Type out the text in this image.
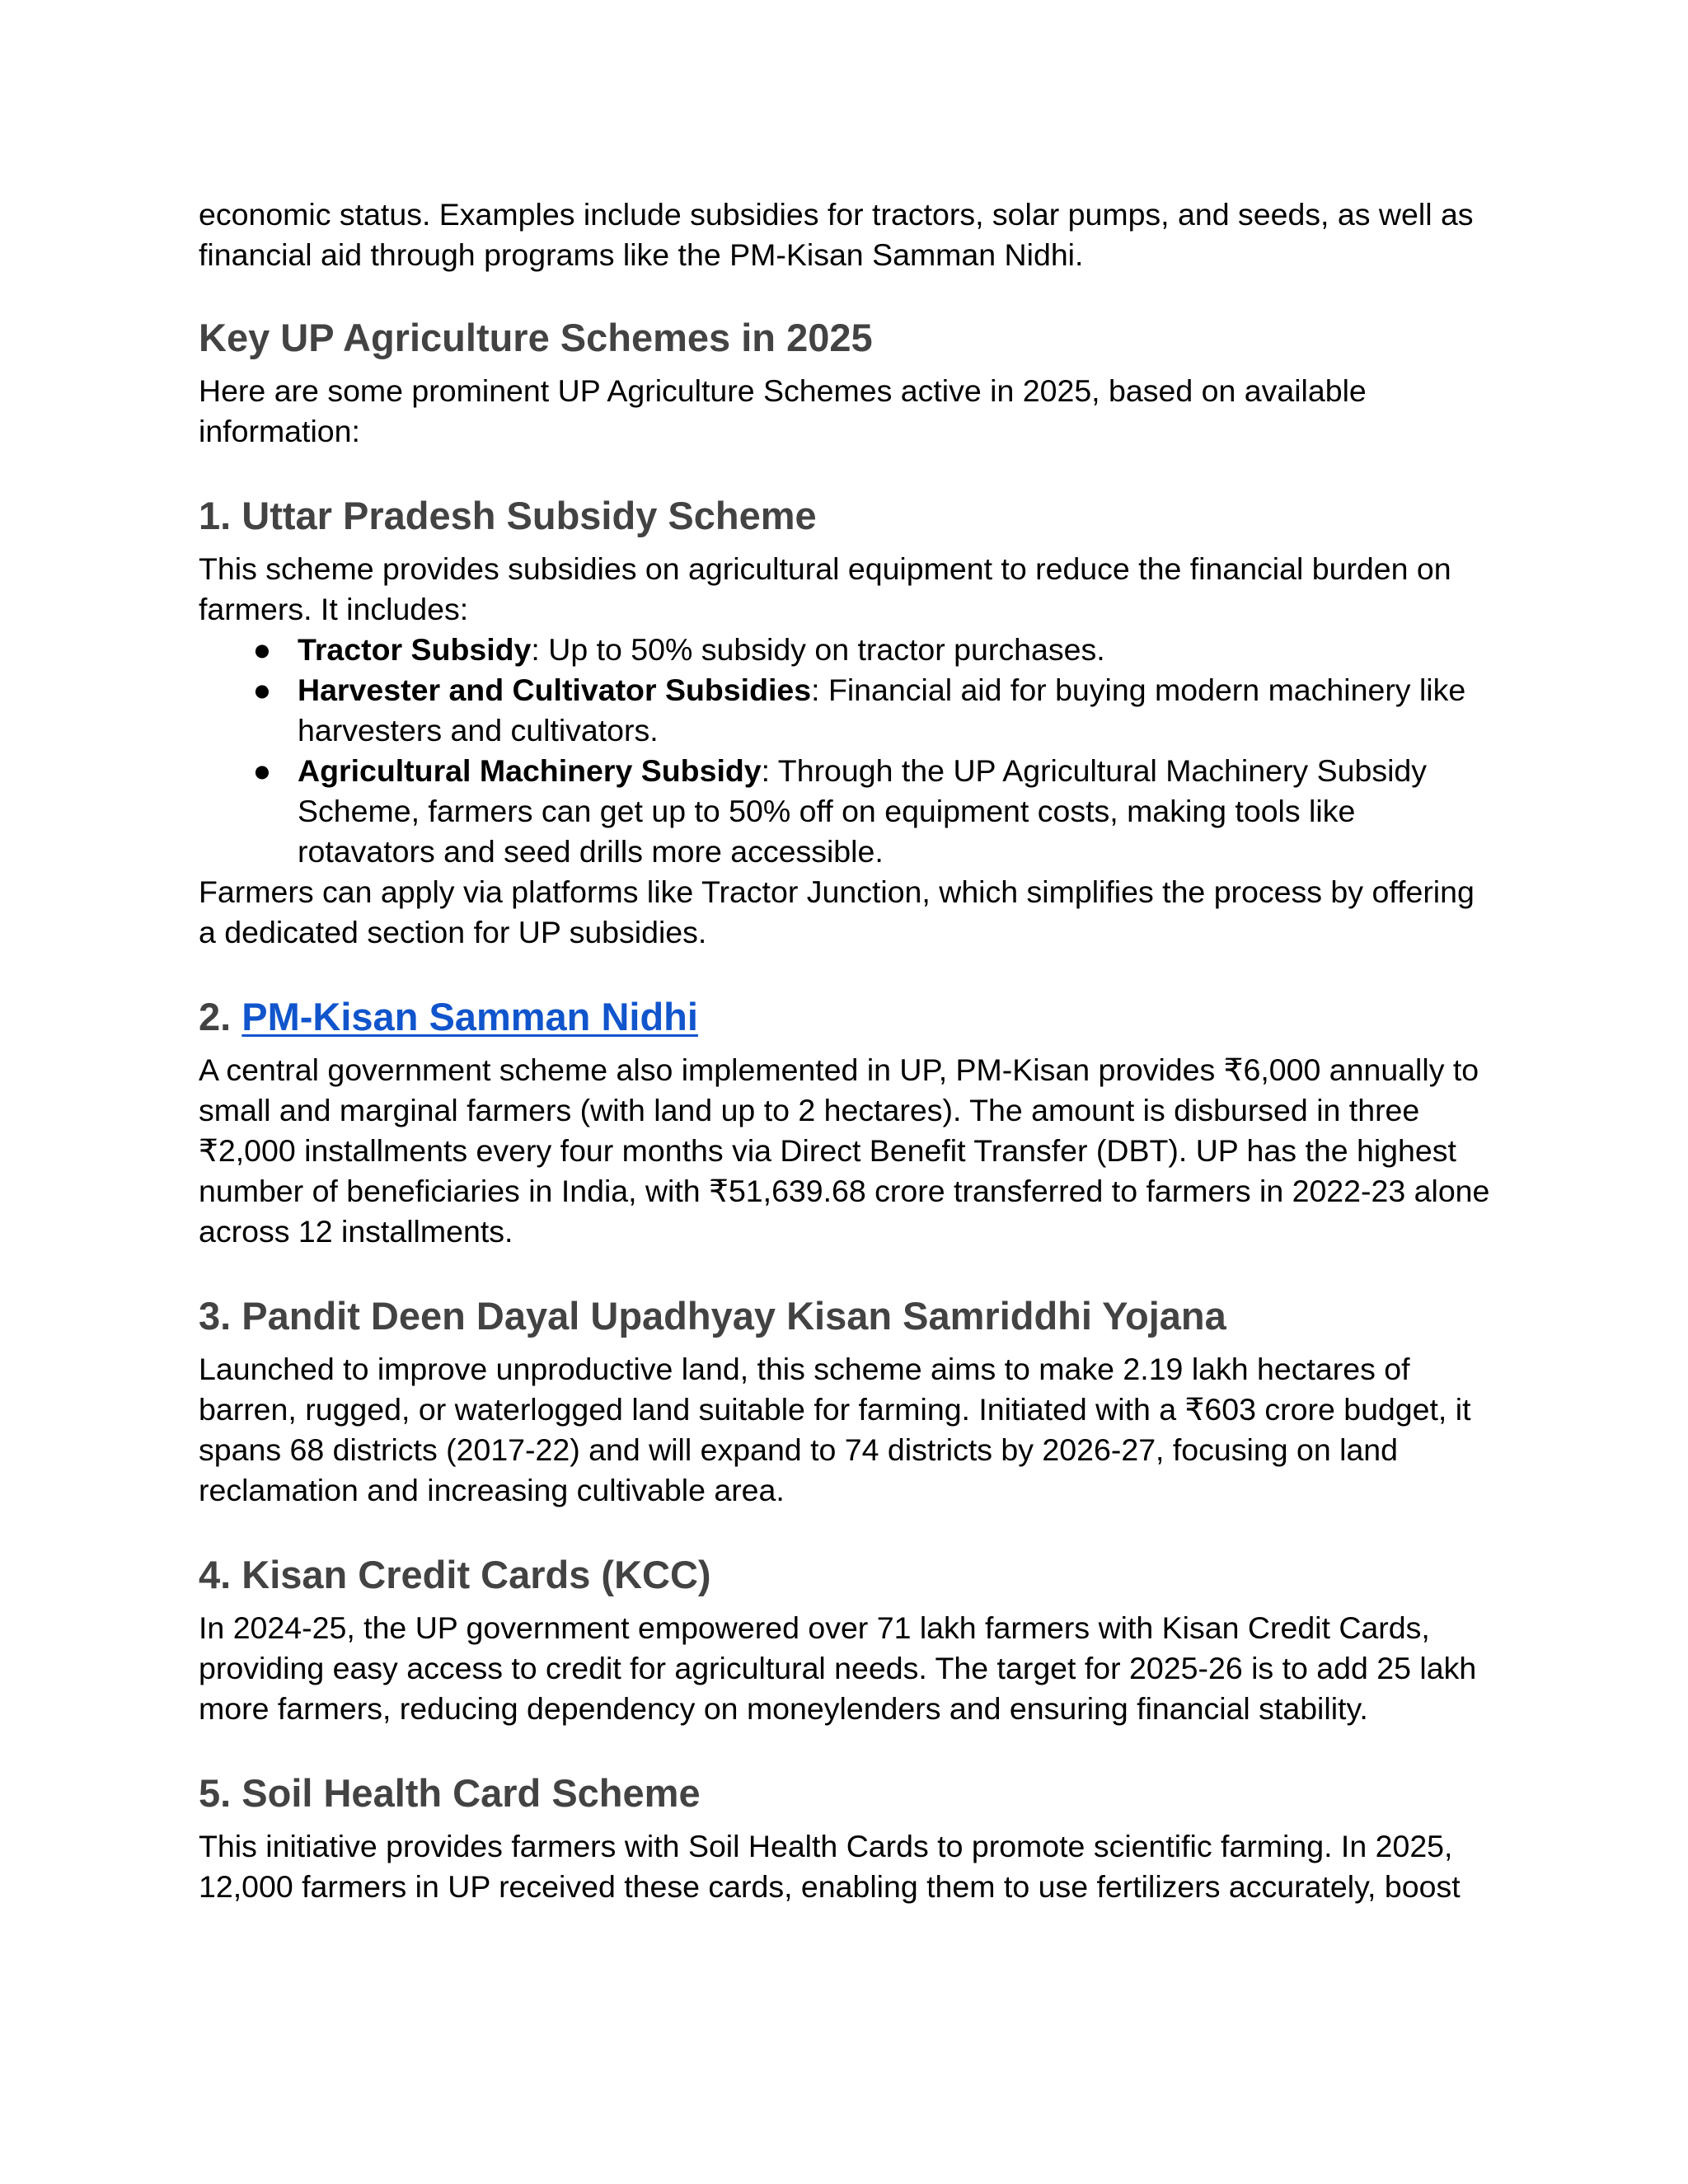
economic status. Examples include subsidies for tractors, solar pumps, and seeds, as well as financial aid through programs like the PM-Kisan Samman Nidhi.

Key UP Agriculture Schemes in 2025

Here are some prominent UP Agriculture Schemes active in 2025, based on available information:

1. Uttar Pradesh Subsidy Scheme

This scheme provides subsidies on agricultural equipment to reduce the financial burden on farmers. It includes:

● Tractor Subsidy: Up to 50% subsidy on tractor purchases.
● Harvester and Cultivator Subsidies: Financial aid for buying modern machinery like harvesters and cultivators.
● Agricultural Machinery Subsidy: Through the UP Agricultural Machinery Subsidy Scheme, farmers can get up to 50% off on equipment costs, making tools like rotavators and seed drills more accessible.

Farmers can apply via platforms like Tractor Junction, which simplifies the process by offering a dedicated section for UP subsidies.

2. PM-Kisan Samman Nidhi

A central government scheme also implemented in UP, PM-Kisan provides ₹6,000 annually to small and marginal farmers (with land up to 2 hectares). The amount is disbursed in three ₹2,000 installments every four months via Direct Benefit Transfer (DBT). UP has the highest number of beneficiaries in India, with ₹51,639.68 crore transferred to farmers in 2022-23 alone across 12 installments.

3. Pandit Deen Dayal Upadhyay Kisan Samriddhi Yojana

Launched to improve unproductive land, this scheme aims to make 2.19 lakh hectares of barren, rugged, or waterlogged land suitable for farming. Initiated with a ₹603 crore budget, it spans 68 districts (2017-22) and will expand to 74 districts by 2026-27, focusing on land reclamation and increasing cultivable area.

4. Kisan Credit Cards (KCC)

In 2024-25, the UP government empowered over 71 lakh farmers with Kisan Credit Cards, providing easy access to credit for agricultural needs. The target for 2025-26 is to add 25 lakh more farmers, reducing dependency on moneylenders and ensuring financial stability.

5. Soil Health Card Scheme

This initiative provides farmers with Soil Health Cards to promote scientific farming. In 2025, 12,000 farmers in UP received these cards, enabling them to use fertilizers accurately, boost
